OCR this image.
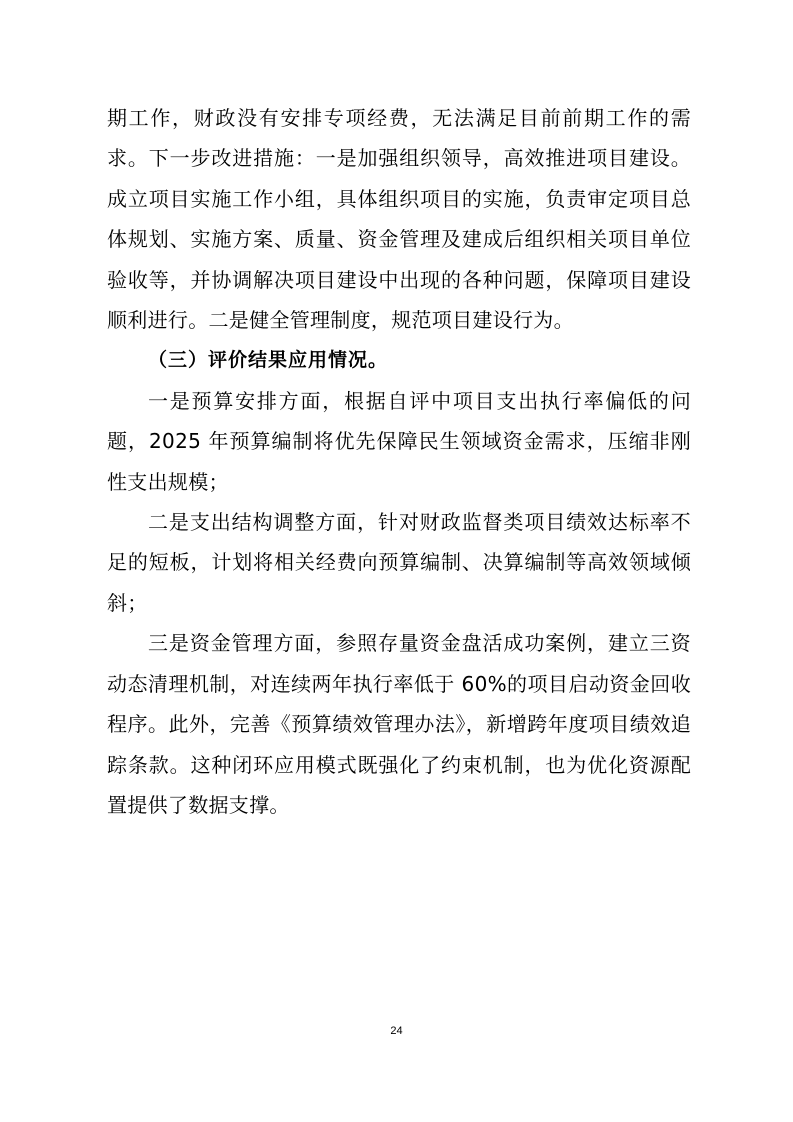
期工作，财政没有安排专项经费，无法满足目前前期工作的需求。下一步改进措施：一是加强组织领导，高效推进项目建设。成立项目实施工作小组，具体组织项目的实施，负责审定项目总体规划、实施方案、质量、资金管理及建成后组织相关项目单位验收等，并协调解决项目建设中出现的各种问题，保障项目建设顺利进行。二是健全管理制度，规范项目建设行为。

（三）评价结果应用情况。

一是预算安排方面，根据自评中项目支出执行率偏低的问题，2025 年预算编制将优先保障民生领域资金需求，压缩非刚性支出规模；

二是支出结构调整方面，针对财政监督类项目绩效达标率不足的短板，计划将相关经费向预算编制、决算编制等高效领域倾斜；

三是资金管理方面，参照存量资金盘活成功案例，建立三资动态清理机制，对连续两年执行率低于 60%的项目启动资金回收程序。此外，完善《预算绩效管理办法》，新增跨年度项目绩效追踪条款。这种闭环应用模式既强化了约束机制，也为优化资源配置提供了数据支撑。

24
